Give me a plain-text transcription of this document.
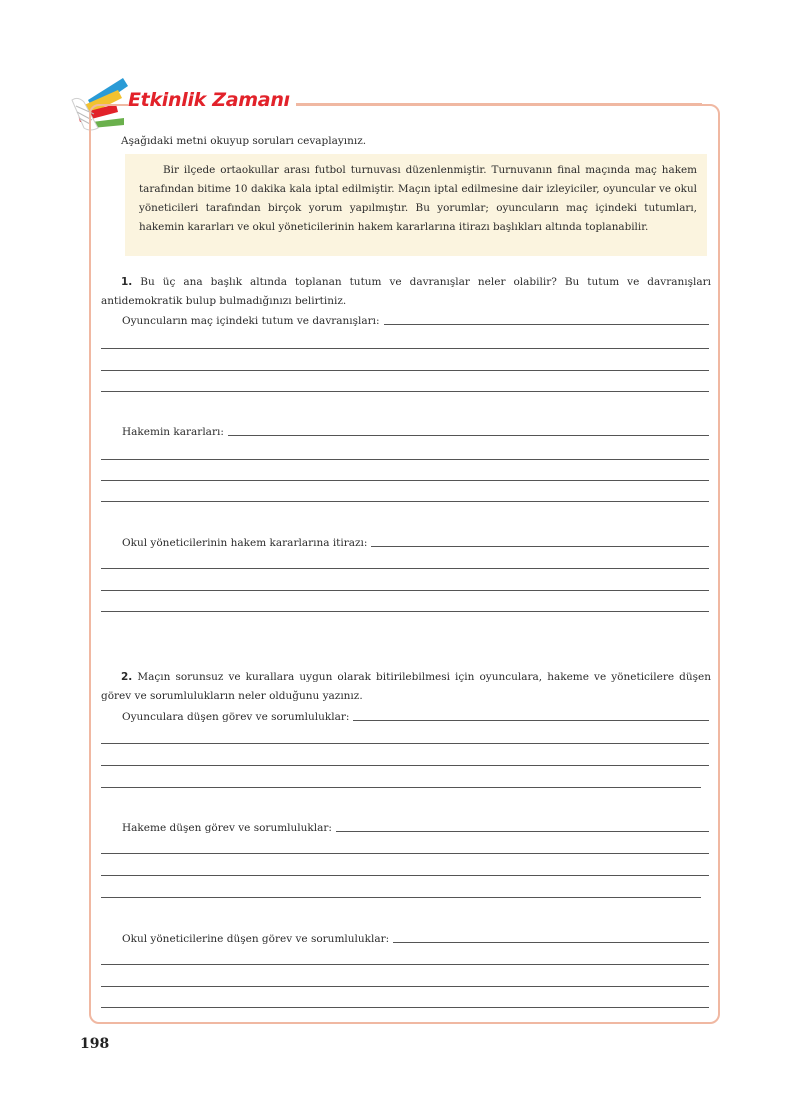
Etkinlik Zamanı
Aşağıdaki metni okuyup soruları cevaplayınız.
Bir ilçede ortaokullar arası futbol turnuvası düzenlenmiştir. Turnuvanın final maçında maç hakem tarafından bitime 10 dakika kala iptal edilmiştir. Maçın iptal edilmesine dair izleyiciler, oyuncular ve okul yöneticileri tarafından birçok yorum yapılmıştır. Bu yorumlar; oyuncuların maç içindeki tutumları, hakemin kararları ve okul yöneticilerinin hakem kararlarına itirazı başlıkları altında toplanabilir.
1. Bu üç ana başlık altında toplanan tutum ve davranışlar neler olabilir? Bu tutum ve davranışları antidemokratik bulup bulmadığınızı belirtiniz.
Oyuncuların maç içindeki tutum ve davranışları:
Hakemin kararları:
Okul yöneticilerinin hakem kararlarına itirazı:
2. Maçın sorunsuz ve kurallara uygun olarak bitirilebilmesi için oyunculara, hakeme ve yöneticilere düşen görev ve sorumlulukların neler olduğunu yazınız.
Oyunculara düşen görev ve sorumluluklar:
Hakeme düşen görev ve sorumluluklar:
Okul yöneticilerine düşen görev ve sorumluluklar:
198
